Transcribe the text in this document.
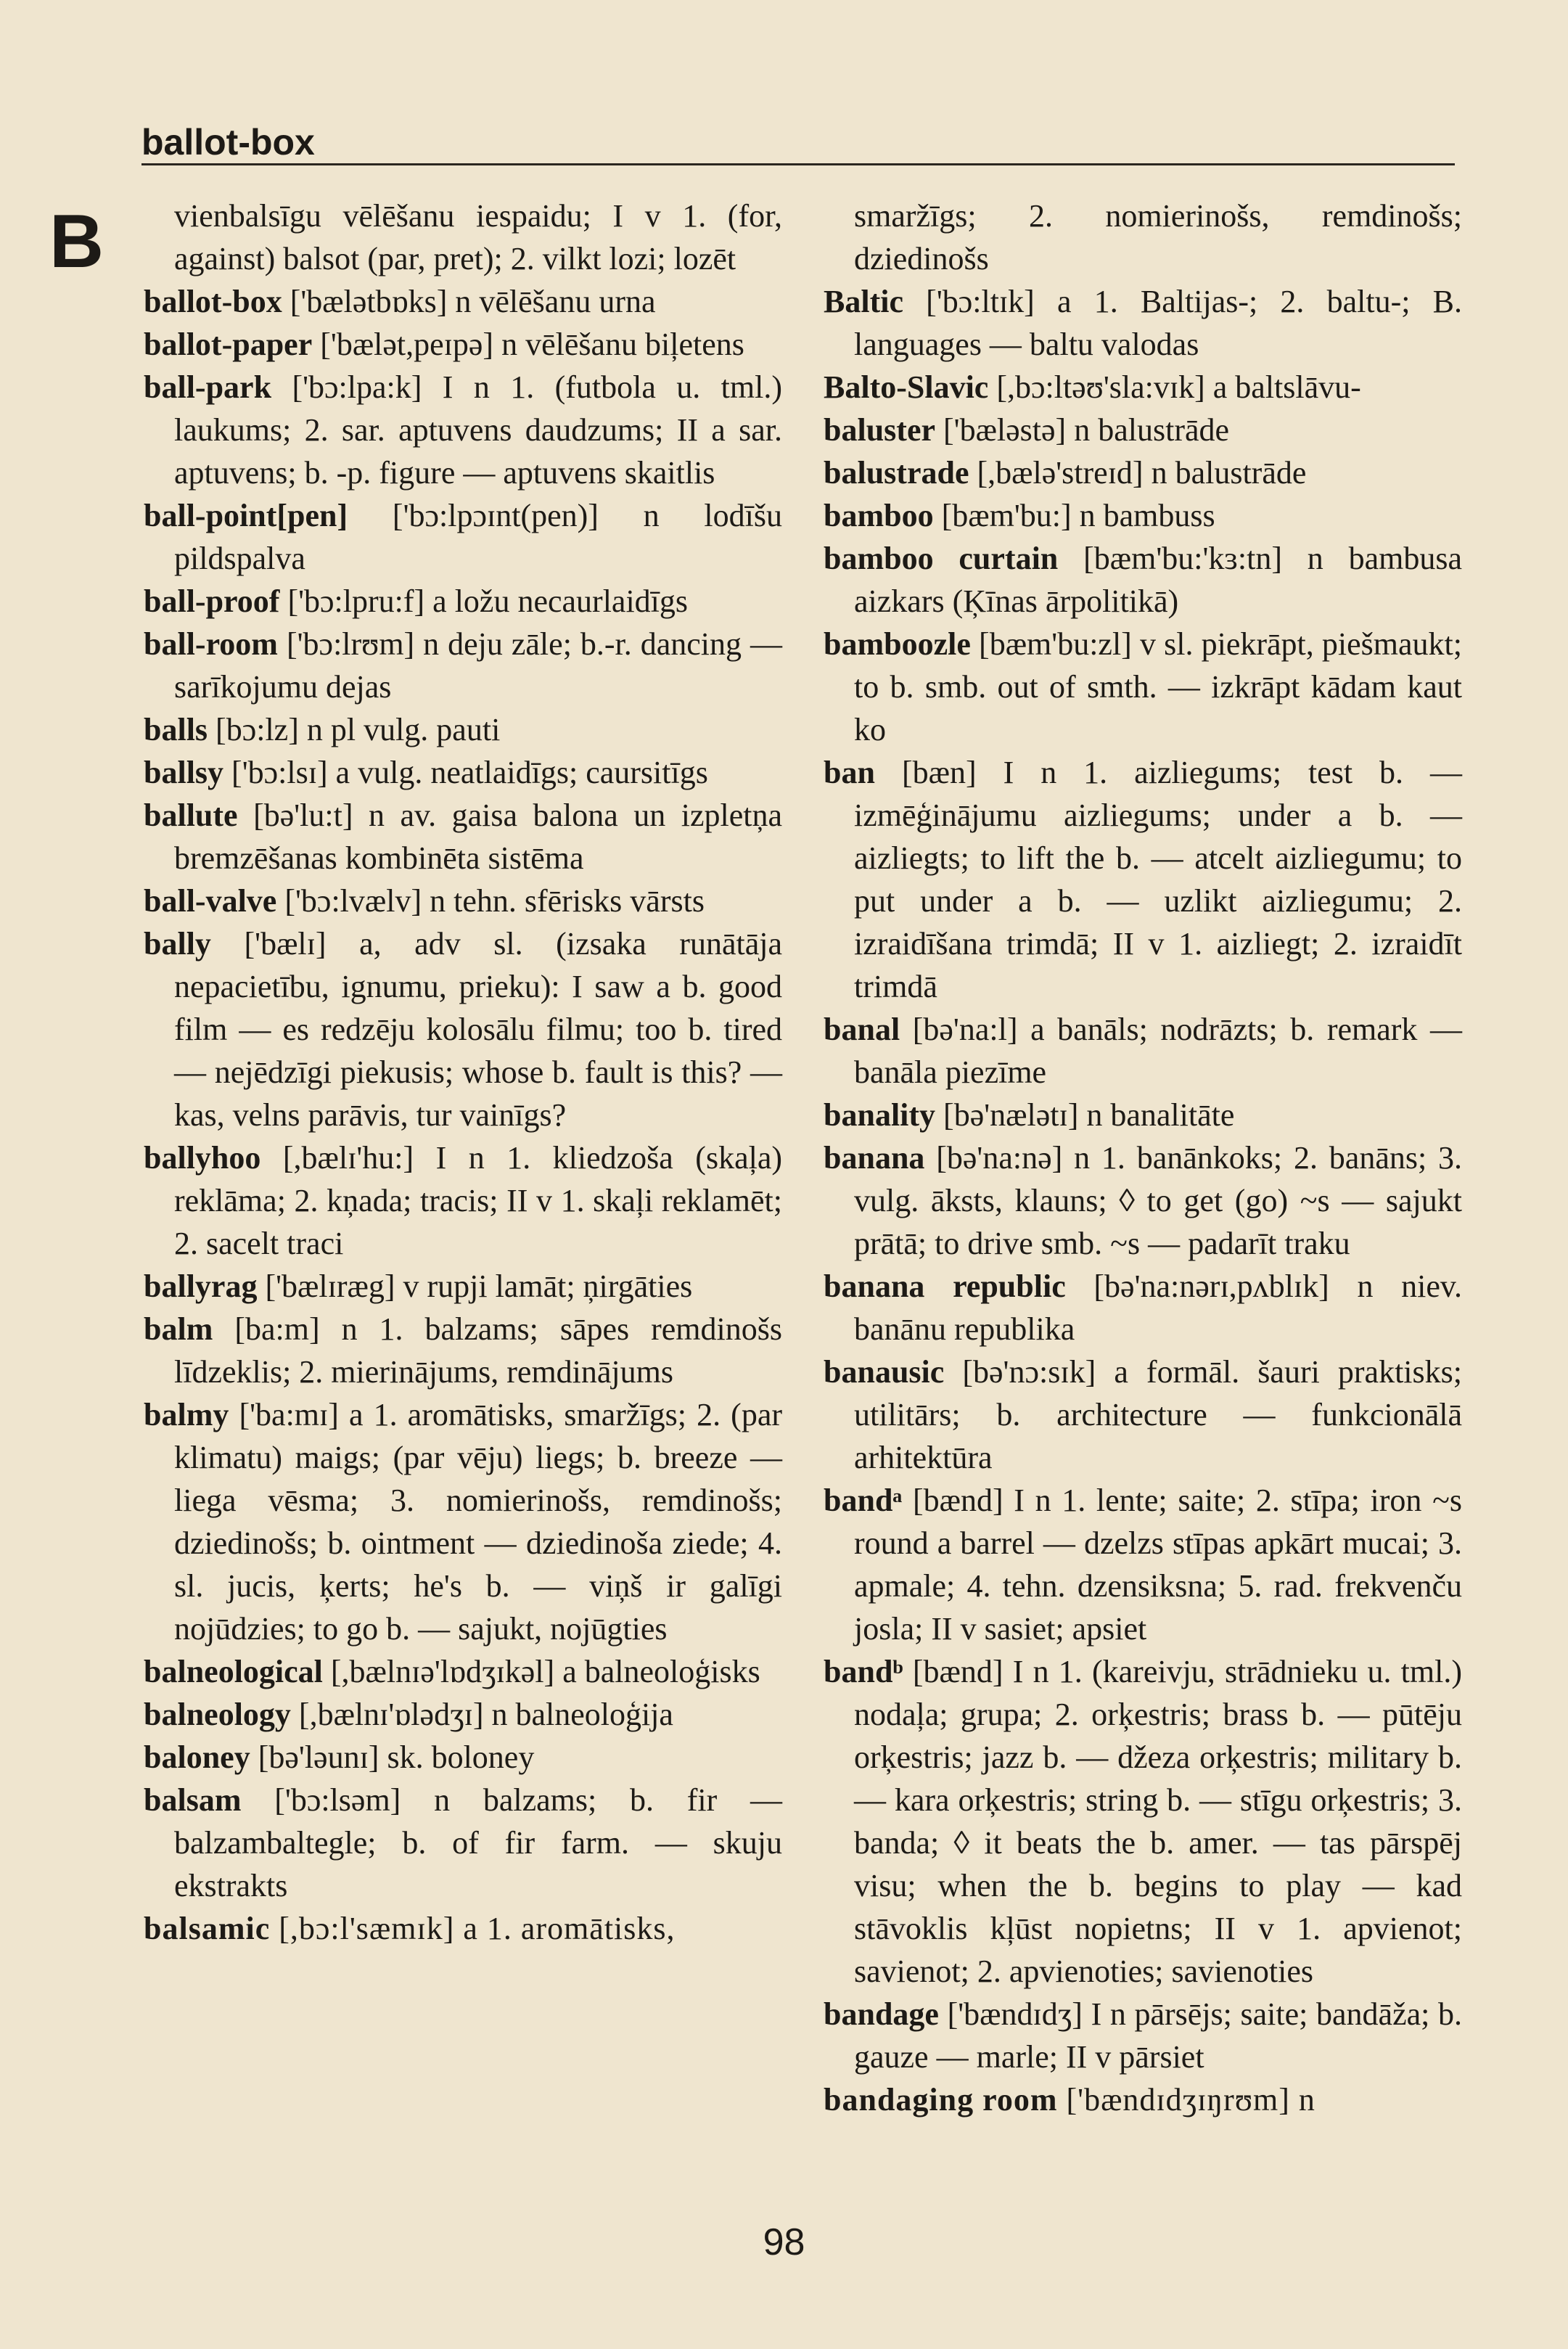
ballot-box
B	vienbalsīgu vēlēšanu iespaidu; I v 1. (for, against) balsot (par, pret); 2. vilkt lozi; lozēt

ballot-box ['bælətbɒks] n vēlēšanu urna

ballot-paper ['bælət,peɪpə] n vēlēšanu biļetens

ball-park ['bɔ:lpa:k] I n 1. (futbola u. tml.) laukums; 2. sar. aptuvens daudzums; II a sar. aptuvens; b. -p. figure — aptuvens skaitlis

ball-point[pen] ['bɔ:lpɔɪnt(pen)] n lodīšu pildspalva

ball-proof ['bɔ:lpru:f] a ložu necaurlaidīgs

ball-room ['bɔ:lrʊm] n deju zāle; b.-r. dancing — sarīkojumu dejas

balls [bɔ:lz] n pl vulg. pauti

ballsy ['bɔ:lsɪ] a vulg. neatlaidīgs; caursitīgs

ballute [bə'lu:t] n av. gaisa balona un izpletņa bremzēšanas kombinēta sistēma

ball-valve ['bɔ:lvælv] n tehn. sfērisks vārsts

bally ['bælɪ] a, adv sl. (izsaka runātāja nepacietību, ignumu, prieku): I saw a b. good film — es redzēju kolosālu filmu; too b. tired — nejēdzīgi piekusis; whose b. fault is this? — kas, velns parāvis, tur vainīgs?

ballyhoo [,bælɪ'hu:] I n 1. kliedzoša (skaļa) reklāma; 2. kņada; tracis; II v 1. skaļi reklamēt; 2. sacelt traci

ballyrag ['bælɪræg] v rupji lamāt; ņirgāties

balm [ba:m] n 1. balzams; sāpes remdinošs līdzeklis; 2. mierinājums, remdinājums

balmy ['ba:mɪ] a 1. aromātisks, smaržīgs; 2. (par klimatu) maigs; (par vēju) liegs; b. breeze — liega vēsma; 3. nomierinošs, remdinošs; dziedinošs; b. ointment — dziedinoša ziede; 4. sl. jucis, ķerts; he's b. — viņš ir galīgi nojūdzies; to go b. — sajukt, nojūgties

balneological [,bælnɪə'lɒdʒɪkəl] a balneoloģisks

balneology [,bælnɪ'ɒlədʒɪ] n balneoloģija

baloney [bə'ləunɪ] sk. boloney

balsam ['bɔ:lsəm] n balzams; b. fir — balzambaltegle; b. of fir farm. — skuju ekstrakts

balsamic [,bɔ:l'sæmɪk] a 1. aromātisks,

smaržīgs; 2. nomierinošs, remdinošs; dziedinošs

Baltic ['bɔ:ltɪk] a 1. Baltijas-; 2. baltu-; B. languages — baltu valodas

Balto-Slavic [,bɔ:ltəʊ'sla:vɪk] a baltslāvu-

baluster ['bæləstə] n balustrāde

balustrade [,bælə'streɪd] n balustrāde

bamboo [bæm'bu:] n bambuss

bamboo curtain [bæm'bu:'kɜ:tn] n bambusa aizkars (Ķīnas ārpolitikā)

bamboozle [bæm'bu:zl] v sl. piekrāpt, piešmaukt; to b. smb. out of smth. — izkrāpt kādam kaut ko

ban [bæn] I n 1. aizliegums; test b. — izmēģinājumu aizliegums; under a b. — aizliegts; to lift the b. — atcelt aizliegumu; to put under a b. — uzlikt aizliegumu; 2. izraidīšana trimdā; II v 1. aizliegt; 2. izraidīt trimdā

banal [bə'na:l] a banāls; nodrāzts; b. remark — banāla piezīme

banality [bə'nælətɪ] n banalitāte

banana [bə'na:nə] n 1. banānkoks; 2. banāns; 3. vulg. āksts, klauns; ◊ to get (go) ~s — sajukt prātā; to drive smb. ~s — padarīt traku

banana republic [bə'na:nərɪ,pʌblɪk] n niev. banānu republika

banausic [bə'nɔ:sɪk] a formāl. šauri praktisks; utilitārs; b. architecture — funkcionālā arhitektūra

bandᵃ [bænd] I n 1. lente; saite; 2. stīpa; iron ~s round a barrel — dzelzs stīpas apkārt mucai; 3. apmale; 4. tehn. dzensiksna; 5. rad. frekvenču josla; II v sasiet; apsiet

bandᵇ [bænd] I n 1. (kareivju, strādnieku u. tml.) nodaļa; grupa; 2. orķestris; brass b. — pūtēju orķestris; jazz b. — džeza orķestris; military b. — kara orķestris; string b. — stīgu orķestris; 3. banda; ◊ it beats the b. amer. — tas pārspēj visu; when the b. begins to play — kad stāvoklis kļūst nopietns; II v 1. apvienot; savienot; 2. apvienoties; savienoties

bandage ['bændɪdʒ] I n pārsējs; saite; bandāža; b. gauze — marle; II v pārsiet

bandaging room ['bændɪdʒɪŋrʊm] n

98
